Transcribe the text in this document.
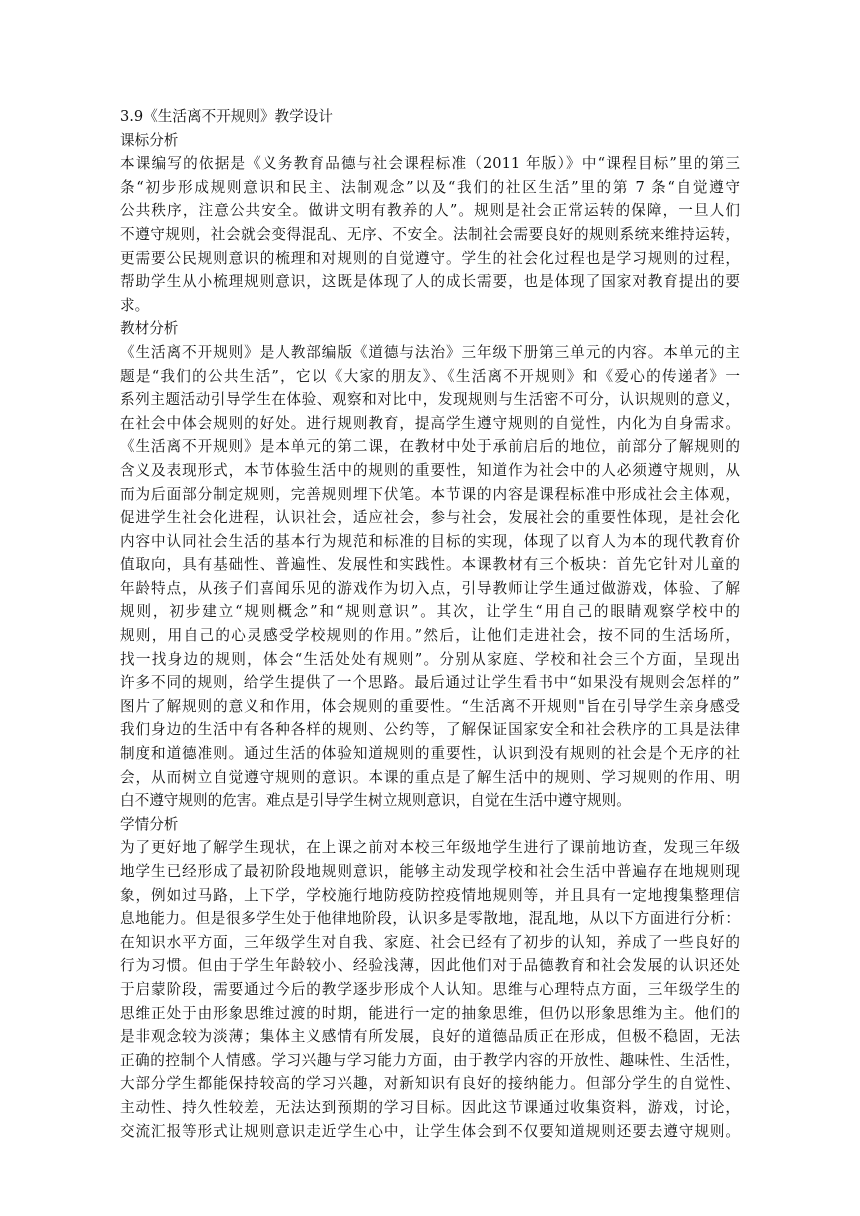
3.9《生活离不开规则》教学设计
课标分析
本课编写的依据是《义务教育品德与社会课程标准（2011 年版）》中“课程目标”里的第三
条“初步形成规则意识和民主、法制观念”以及“我们的社区生活”里的第 7 条“自觉遵守
公共秩序，注意公共安全。做讲文明有教养的人”。规则是社会正常运转的保障，一旦人们
不遵守规则，社会就会变得混乱、无序、不安全。法制社会需要良好的规则系统来维持运转，
更需要公民规则意识的梳理和对规则的自觉遵守。学生的社会化过程也是学习规则的过程，
帮助学生从小梳理规则意识，这既是体现了人的成长需要，也是体现了国家对教育提出的要
求。
教材分析
《生活离不开规则》是人教部编版《道德与法治》三年级下册第三单元的内容。本单元的主
题是“我们的公共生活”，它以《大家的朋友》、《生活离不开规则》和《爱心的传递者》一
系列主题活动引导学生在体验、观察和对比中，发现规则与生活密不可分，认识规则的意义，
在社会中体会规则的好处。进行规则教育，提高学生遵守规则的自觉性，内化为自身需求。
《生活离不开规则》是本单元的第二课，在教材中处于承前启后的地位，前部分了解规则的
含义及表现形式，本节体验生活中的规则的重要性，知道作为社会中的人必须遵守规则，从
而为后面部分制定规则，完善规则埋下伏笔。本节课的内容是课程标准中形成社会主体观，
促进学生社会化进程，认识社会，适应社会，参与社会，发展社会的重要性体现，是社会化
内容中认同社会生活的基本行为规范和标准的目标的实现，体现了以育人为本的现代教育价
值取向，具有基础性、普遍性、发展性和实践性。本课教材有三个板块：首先它针对儿童的
年龄特点，从孩子们喜闻乐见的游戏作为切入点，引导教师让学生通过做游戏，体验、了解
规则，初步建立“规则概念”和“规则意识”。其次，让学生“用自己的眼睛观察学校中的
规则，用自己的心灵感受学校规则的作用。”然后，让他们走进社会，按不同的生活场所，
找一找身边的规则，体会“生活处处有规则”。分别从家庭、学校和社会三个方面，呈现出
许多不同的规则，给学生提供了一个思路。最后通过让学生看书中“如果没有规则会怎样的”
图片了解规则的意义和作用，体会规则的重要性。“生活离不开规则"旨在引导学生亲身感受
我们身边的生活中有各种各样的规则、公约等，了解保证国家安全和社会秩序的工具是法律
制度和道德准则。通过生活的体验知道规则的重要性，认识到没有规则的社会是个无序的社
会，从而树立自觉遵守规则的意识。本课的重点是了解生活中的规则、学习规则的作用、明
白不遵守规则的危害。难点是引导学生树立规则意识，自觉在生活中遵守规则。
学情分析
为了更好地了解学生现状，在上课之前对本校三年级地学生进行了课前地访查，发现三年级
地学生已经形成了最初阶段地规则意识，能够主动发现学校和社会生活中普遍存在地规则现
象，例如过马路，上下学，学校施行地防疫防控疫情地规则等，并且具有一定地搜集整理信
息地能力。但是很多学生处于他律地阶段，认识多是零散地，混乱地，从以下方面进行分析：
在知识水平方面，三年级学生对自我、家庭、社会已经有了初步的认知，养成了一些良好的
行为习惯。但由于学生年龄较小、经验浅薄，因此他们对于品德教育和社会发展的认识还处
于启蒙阶段，需要通过今后的教学逐步形成个人认知。思维与心理特点方面，三年级学生的
思维正处于由形象思维过渡的时期，能进行一定的抽象思维，但仍以形象思维为主。他们的
是非观念较为淡薄；集体主义感情有所发展，良好的道德品质正在形成，但极不稳固，无法
正确的控制个人情感。学习兴趣与学习能力方面，由于教学内容的开放性、趣味性、生活性，
大部分学生都能保持较高的学习兴趣，对新知识有良好的接纳能力。但部分学生的自觉性、
主动性、持久性较差，无法达到预期的学习目标。因此这节课通过收集资料，游戏，讨论，
交流汇报等形式让规则意识走近学生心中，让学生体会到不仅要知道规则还要去遵守规则。
